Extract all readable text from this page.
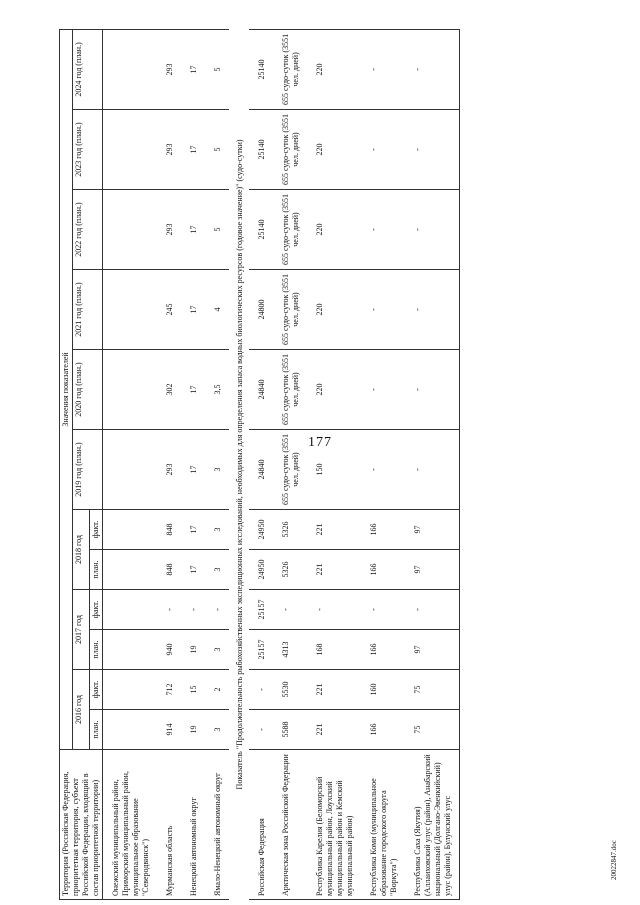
177
Территория (Российская Федерация, приоритетная территория, субъект Российской Федерации, входящий в состав приоритетной территории)	Значения показателей											
	2016 год		2017 год		2018 год		2019 год (план.)	2020 год (план.)	2021 год (план.)	2022 год (план.)	2023 год (план.)	2024 год (план.)
	план.	факт.	план.	факт.	план.	факт.						
Онежский муниципальный район, Приморский муниципальный район, муниципальное образование "Северодвинск")												
Мурманская область	914	712	940	-	848	848	293	302	245	293	293	293
Ненецкий автономный округ	19	15	19	-	17	17	17	17	17	17	17	17
Ямало-Ненецкий автономный округ	3	2	3	-	3	3	3	3,5	4	5	5	5
Показатель "Продолжительность рыбохозяйственных экспедиционных исследований, необходимых для определения запаса водных биологических ресурсов (годовое значение)" (судо-сутки)												
Российская Федерация	-	-	25157	25157	24950	24950	24840	24840	24800	25140	25140	25140
Арктическая зона Российской Федерации	5588	5530	4313	-	5326	5326	655 судо-суток (3551 чел. дней)	655 судо-суток (3551 чел. дней)	655 судо-суток (3551 чел. дней)	655 судо-суток (3551 чел. дней)	655 судо-суток (3551 чел. дней)	655 судо-суток (3551 чел. дней)
Республика Карелия (Беломорский муниципальный район, Лоухский муниципальный район и Кемский муниципальный район)	221	221	168	-	221	221	150	220	220	220	220	220
Республика Коми (муниципальное образование городского округа "Воркута")	166	160	166	-	166	166	-	-	-	-	-	-
Республика Саха (Якутия) (Аллаиховский улус (район), Анабарский национальный (Долгано-Эвенкийский) улус (район), Булунский улус	75	75	97	-	97	97	-	-	-	-	-	-
20022847.doc
